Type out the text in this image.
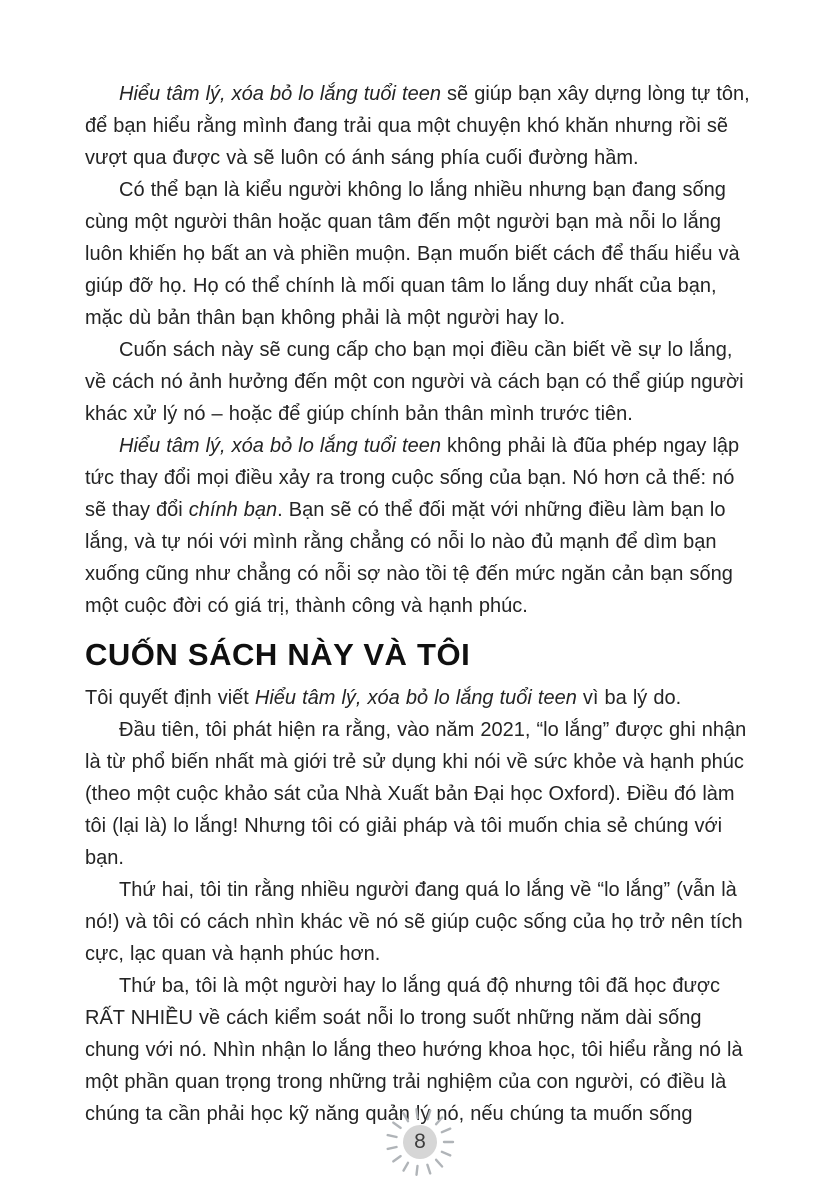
Hiểu tâm lý, xóa bỏ lo lắng tuổi teen sẽ giúp bạn xây dựng lòng tự tôn, để bạn hiểu rằng mình đang trải qua một chuyện khó khăn nhưng rồi sẽ vượt qua được và sẽ luôn có ánh sáng phía cuối đường hầm.

Có thể bạn là kiểu người không lo lắng nhiều nhưng bạn đang sống cùng một người thân hoặc quan tâm đến một người bạn mà nỗi lo lắng luôn khiến họ bất an và phiền muộn. Bạn muốn biết cách để thấu hiểu và giúp đỡ họ. Họ có thể chính là mối quan tâm lo lắng duy nhất của bạn, mặc dù bản thân bạn không phải là một người hay lo.

Cuốn sách này sẽ cung cấp cho bạn mọi điều cần biết về sự lo lắng, về cách nó ảnh hưởng đến một con người và cách bạn có thể giúp người khác xử lý nó – hoặc để giúp chính bản thân mình trước tiên.

Hiểu tâm lý, xóa bỏ lo lắng tuổi teen không phải là đũa phép ngay lập tức thay đổi mọi điều xảy ra trong cuộc sống của bạn. Nó hơn cả thế: nó sẽ thay đổi chính bạn. Bạn sẽ có thể đối mặt với những điều làm bạn lo lắng, và tự nói với mình rằng chẳng có nỗi lo nào đủ mạnh để dìm bạn xuống cũng như chẳng có nỗi sợ nào tồi tệ đến mức ngăn cản bạn sống một cuộc đời có giá trị, thành công và hạnh phúc.

CUỐN SÁCH NÀY VÀ TÔI

Tôi quyết định viết Hiểu tâm lý, xóa bỏ lo lắng tuổi teen vì ba lý do.

Đầu tiên, tôi phát hiện ra rằng, vào năm 2021, “lo lắng” được ghi nhận là từ phổ biến nhất mà giới trẻ sử dụng khi nói về sức khỏe và hạnh phúc (theo một cuộc khảo sát của Nhà Xuất bản Đại học Oxford). Điều đó làm tôi (lại là) lo lắng! Nhưng tôi có giải pháp và tôi muốn chia sẻ chúng với bạn.

Thứ hai, tôi tin rằng nhiều người đang quá lo lắng về “lo lắng” (vẫn là nó!) và tôi có cách nhìn khác về nó sẽ giúp cuộc sống của họ trở nên tích cực, lạc quan và hạnh phúc hơn.

Thứ ba, tôi là một người hay lo lắng quá độ nhưng tôi đã học được RẤT NHIỀU về cách kiểm soát nỗi lo trong suốt những năm dài sống chung với nó. Nhìn nhận lo lắng theo hướng khoa học, tôi hiểu rằng nó là một phần quan trọng trong những trải nghiệm của con người, có điều là chúng ta cần phải học kỹ năng quản lý nó, nếu chúng ta muốn sống

8
